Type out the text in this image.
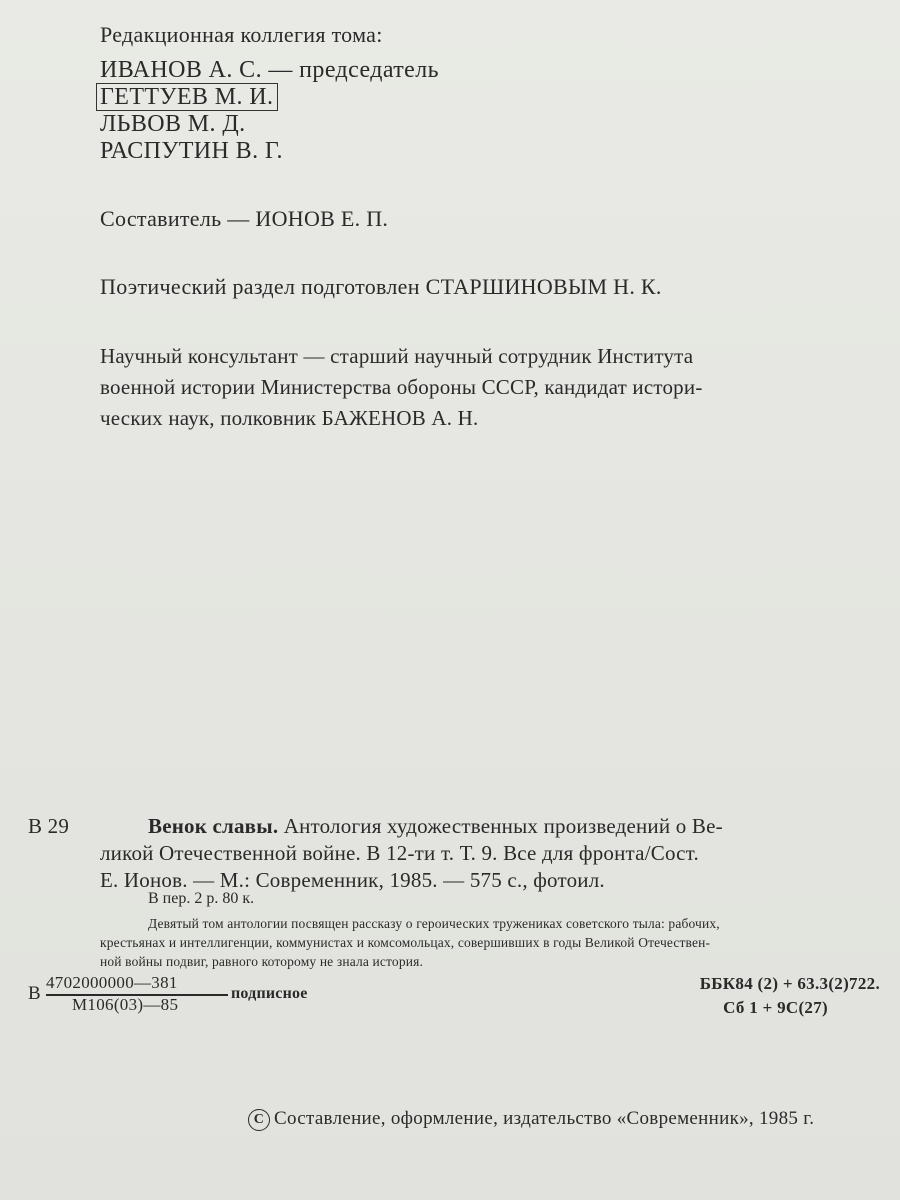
Редакционная коллегия тома:
ИВАНОВ А. С. — председатель
ГЕТТУЕВ М. И.
ЛЬВОВ М. Д.
РАСПУТИН В. Г.
Составитель — ИОНОВ Е. П.
Поэтический раздел подготовлен СТАРШИНОВЫМ Н. К.
Научный консультант — старший научный сотрудник Института
военной истории Министерства обороны СССР, кандидат истори-
ческих наук, полковник БАЖЕНОВ А. Н.
В 29	Венок славы. Антология художественных произведений о Ве-
ликой Отечественной войне. В 12-ти т. Т. 9. Все для фронта/Сост.
Е. Ионов. — М.: Современник, 1985. — 575 с., фотоил.
В пер. 2 р. 80 к.
Девятый том антологии посвящен рассказу о героических тружениках советского тыла: рабочих,
крестьянах и интеллигенции, коммунистах и комсомольцах, совершивших в годы Великой Отечествен-
ной войны подвиг, равного которому не знала история.
В
4702000000—381
М106(03)—85
подписное
ББК84 (2) + 63.3(2)722.
Сб 1 + 9С(27)
С Составление, оформление, издательство «Современник», 1985 г.
